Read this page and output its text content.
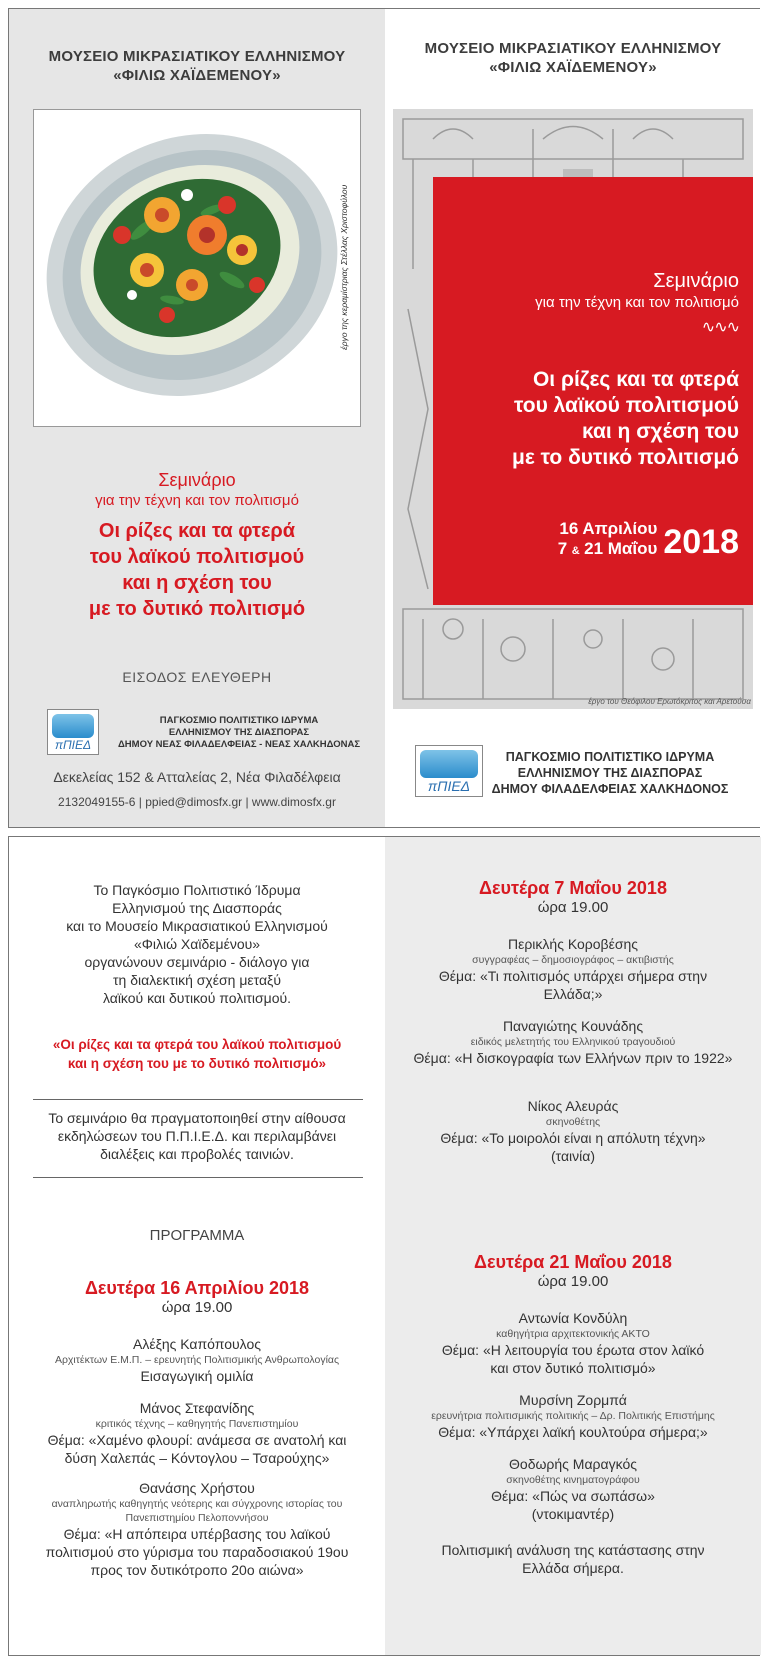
ΜΟΥΣΕΙΟ ΜΙΚΡΑΣΙΑΤΙΚΟΥ ΕΛΛΗΝΙΣΜΟΥ
«ΦΙΛΙΩ ΧΑΪΔΕΜΕΝΟΥ»
έργο της κεραμίστριας Στέλλας Χριστοφύλου
Σεμινάριο
για την τέχνη και τον πολιτισμό
Οι ρίζες και τα φτερά
του λαϊκού πολιτισμού
και η σχέση του
με το δυτικό πολιτισμό
ΕΙΣΟΔΟΣ ΕΛΕΥΘΕΡΗ
πΠΙΕΔ
ΠΑΓΚΟΣΜΙΟ ΠΟΛΙΤΙΣΤΙΚΟ ΙΔΡΥΜΑ
ΕΛΛΗΝΙΣΜΟΥ ΤΗΣ ΔΙΑΣΠΟΡΑΣ
ΔΗΜΟΥ ΝΕΑΣ ΦΙΛΑΔΕΛΦΕΙΑΣ - ΝΕΑΣ ΧΑΛΚΗΔΟΝΑΣ
Δεκελείας 152 & Ατταλείας 2, Νέα Φιλαδέλφεια
2132049155-6 | ppied@dimosfx.gr | www.dimosfx.gr
ΜΟΥΣΕΙΟ ΜΙΚΡΑΣΙΑΤΙΚΟΥ ΕΛΛΗΝΙΣΜΟΥ
«ΦΙΛΙΩ ΧΑΪΔΕΜΕΝΟΥ»
Σεμινάριο
για την τέχνη και τον πολιτισμό
∿∿∿
Οι ρίζες και τα φτερά
του λαϊκού πολιτισμού
και η σχέση του
με το δυτικό πολιτισμό
16 Απριλίου
7 & 21 Μαΐου 2018
έργο του Θεόφιλου Ερωτόκριτος και Αρετούσα
πΠΙΕΔ
ΠΑΓΚΟΣΜΙΟ ΠΟΛΙΤΙΣΤΙΚΟ ΙΔΡΥΜΑ
ΕΛΛΗΝΙΣΜΟΥ ΤΗΣ ΔΙΑΣΠΟΡΑΣ
ΔΗΜΟΥ ΦΙΛΑΔΕΛΦΕΙΑΣ ΧΑΛΚΗΔΟΝΟΣ
Το Παγκόσμιο Πολιτιστικό Ίδρυμα
Ελληνισμού της Διασποράς
και το Μουσείο Μικρασιατικού Ελληνισμού
«Φιλιώ Χαϊδεμένου»
οργανώνουν σεμινάριο - διάλογο για
τη διαλεκτική σχέση μεταξύ
λαϊκού και δυτικού πολιτισμού.
«Οι ρίζες και τα φτερά του λαϊκού πολιτισμού
και η σχέση του με το δυτικό πολιτισμό»
Το σεμινάριο θα πραγματοποιηθεί στην αίθουσα
εκδηλώσεων του Π.Π.Ι.Ε.Δ. και περιλαμβάνει
διαλέξεις και προβολές ταινιών.
ΠΡΟΓΡΑΜΜΑ
Δευτέρα 16 Απριλίου 2018
ώρα 19.00
Αλέξης Καπόπουλος
Αρχιτέκτων Ε.Μ.Π. – ερευνητής Πολιτισμικής Ανθρωπολογίας
Εισαγωγική ομιλία
Μάνος Στεφανίδης
κριτικός τέχνης – καθηγητής Πανεπιστημίου
Θέμα: «Χαμένο φλουρί: ανάμεσα σε ανατολή και
δύση Χαλεπάς – Κόντογλου – Τσαρούχης»
Θανάσης Χρήστου
αναπληρωτής καθηγητής νεότερης και σύγχρονης ιστορίας του
Πανεπιστημίου Πελοποννήσου
Θέμα: «Η απόπειρα υπέρβασης του λαϊκού
πολιτισμού στο γύρισμα του παραδοσιακού 19ου
προς τον δυτικότροπο 20ο αιώνα»
Δευτέρα 7 Μαΐου 2018
ώρα 19.00
Περικλής Κοροβέσης
συγγραφέας – δημοσιογράφος – ακτιβιστής
Θέμα: «Τι πολιτισμός υπάρχει σήμερα στην
Ελλάδα;»
Παναγιώτης Κουνάδης
ειδικός μελετητής του Ελληνικού τραγουδιού
Θέμα: «Η δισκογραφία των Ελλήνων πριν το 1922»
Νίκος Αλευράς
σκηνοθέτης
Θέμα: «Το μοιρολόι είναι η απόλυτη τέχνη»
(ταινία)
Δευτέρα 21 Μαΐου 2018
ώρα 19.00
Αντωνία Κονδύλη
καθηγήτρια αρχιτεκτονικής ΑΚΤΟ
Θέμα: «Η λειτουργία του έρωτα στον λαϊκό
και στον δυτικό πολιτισμό»
Μυρσίνη Ζορμπά
ερευνήτρια πολιτισμικής πολιτικής – Δρ. Πολιτικής Επιστήμης
Θέμα: «Υπάρχει λαϊκή κουλτούρα σήμερα;»
Θοδωρής Μαραγκός
σκηνοθέτης κινηματογράφου
Θέμα: «Πώς να σωπάσω»
(ντοκιμαντέρ)
Πολιτισμική ανάλυση της κατάστασης στην
Ελλάδα σήμερα.
